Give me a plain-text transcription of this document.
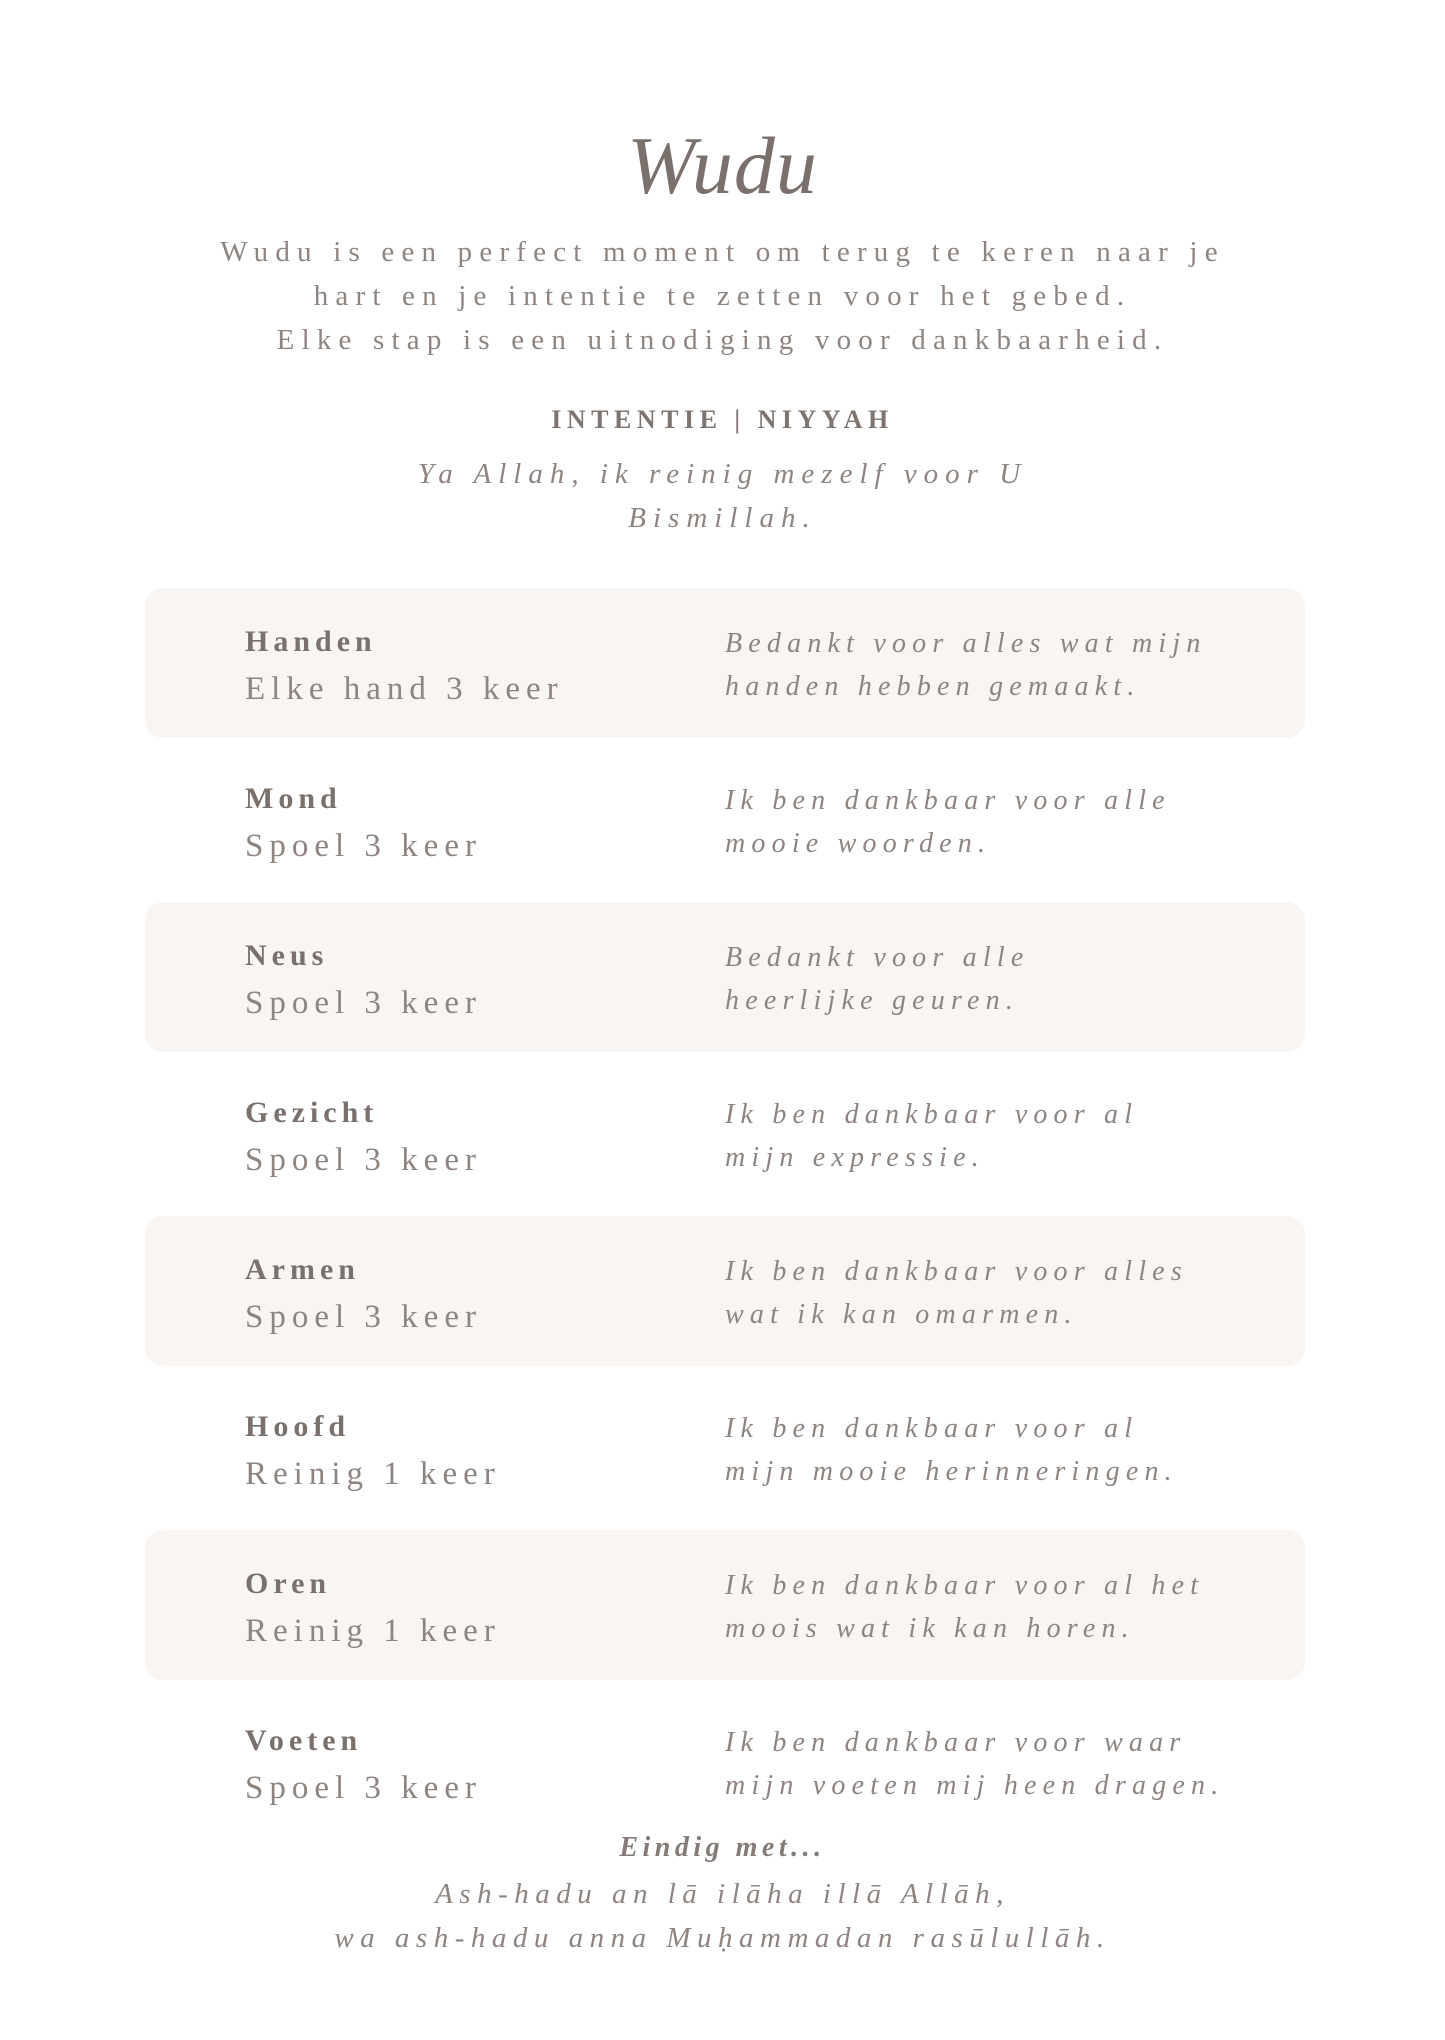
Wudu
Wudu is een perfect moment om terug te keren naar je
hart en je intentie te zetten voor het gebed.
Elke stap is een uitnodiging voor dankbaarheid.
INTENTIE | NIYYAH
Ya Allah, ik reinig mezelf voor U
Bismillah.
Handen
Elke hand 3 keer
Bedankt voor alles wat mijn
handen hebben gemaakt.
Mond
Spoel 3 keer
Ik ben dankbaar voor alle
mooie woorden.
Neus
Spoel 3 keer
Bedankt voor alle
heerlijke geuren.
Gezicht
Spoel 3 keer
Ik ben dankbaar voor al
mijn expressie.
Armen
Spoel 3 keer
Ik ben dankbaar voor alles
wat ik kan omarmen.
Hoofd
Reinig 1 keer
Ik ben dankbaar voor al
mijn mooie herinneringen.
Oren
Reinig 1 keer
Ik ben dankbaar voor al het
moois wat ik kan horen.
Voeten
Spoel 3 keer
Ik ben dankbaar voor waar
mijn voeten mij heen dragen.
Eindig met...
Ash-hadu an lā ilāha illā Allāh,
wa ash-hadu anna Muḥammadan rasūlullāh.
